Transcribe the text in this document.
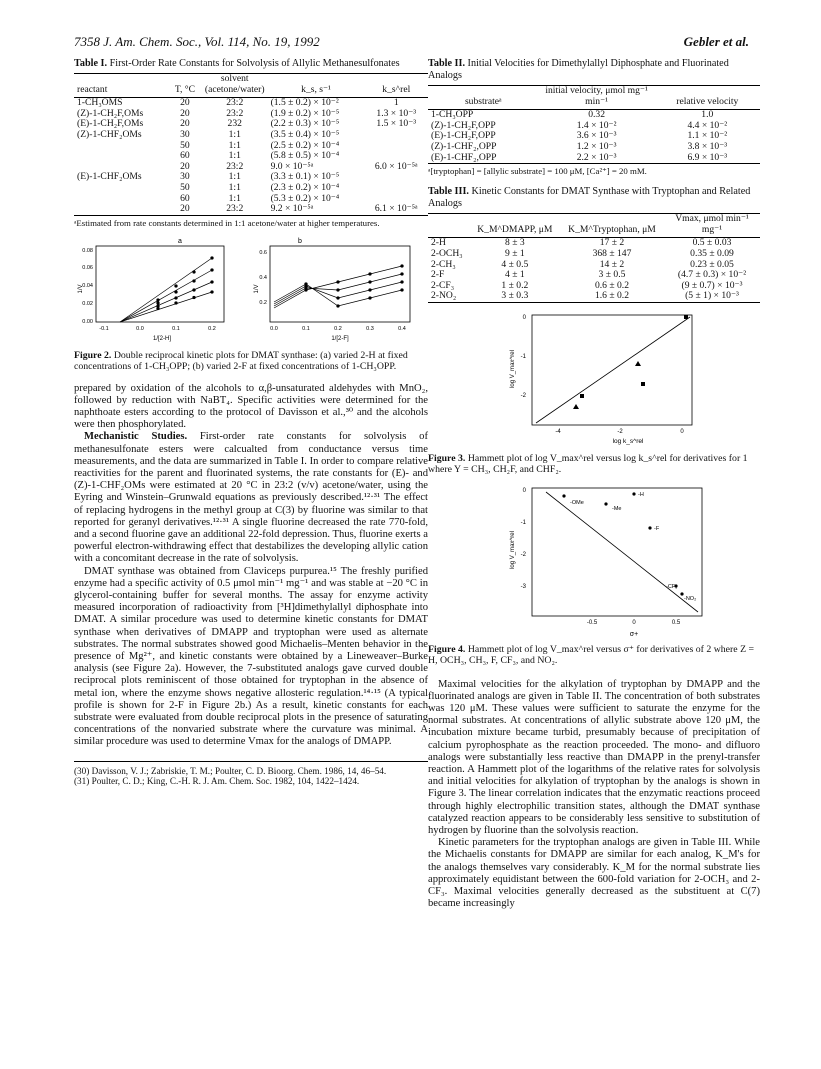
7358 J. Am. Chem. Soc., Vol. 114, No. 19, 1992	Gebler et al.
Table I. First-Order Rate Constants for Solvolysis of Allylic Methanesulfonates
reactant	T, °C	solvent (acetone/water)	k_s, s⁻¹	k_s^rel
1-CH₃OMS	20	23:2	(1.5 ± 0.2) × 10⁻²	1
(Z)-1-CH₂F,OMs	20	23:2	(1.9 ± 0.2) × 10⁻⁵	1.3 × 10⁻³
(E)-1-CH₂F,OMs	20	232	(2.2 ± 0.3) × 10⁻⁵	1.5 × 10⁻³
(Z)-1-CHF₂OMs	30	1:1	(3.5 ± 0.4) × 10⁻⁵	
	50	1:1	(2.5 ± 0.2) × 10⁻⁴	
	60	1:1	(5.8 ± 0.5) × 10⁻⁴	
	20	23:2	9.0 × 10⁻⁵ᵃ	6.0 × 10⁻⁵ᵃ
(E)-1-CHF₂OMs	30	1:1	(3.3 ± 0.1) × 10⁻⁵	
	50	1:1	(2.3 ± 0.2) × 10⁻⁴	
	60	1:1	(5.3 ± 0.2) × 10⁻⁴	
	20	23:2	9.2 × 10⁻⁵ᵃ	6.1 × 10⁻⁵ᵃ
ᵃEstimated from rate constants determined in 1:1 acetone/water at higher temperatures.
a
0.08
0.06
0.04
0.02
0.00
-0.1	0.0	0.1	0.2
1/V
1/[2-H]
b
0.6
0.4
0.2
0.0	0.1	0.2	0.3	0.4
1/V
1/[2-F]
Figure 2. Double reciprocal kinetic plots for DMAT synthase: (a) varied 2-H at fixed concentrations of 1-CH₃OPP; (b) varied 2-F at fixed concentrations of 1-CH₃OPP.

prepared by oxidation of the alcohols to α,β-unsaturated aldehydes with MnO₂, followed by reduction with NaBT₄. Specific activities were determined for the naphthoate esters according to the protocol of Davisson et al.,³⁰ and the alcohols were then phosphorylated.

Mechanistic Studies. First-order rate constants for solvolysis of methanesulfonate esters were calcualted from conductance versus time measurements, and the data are summarized in Table I. In order to compare relative reactivities for the parent and fluorinated systems, the rate constants for (E)- and (Z)-1-CHF₂OMs were estimated at 20 °C in 23:2 (v/v) acetone/water, using the Eyring and Winstein–Grunwald equations as previously described.¹²·³¹ The effect of replacing hydrogens in the methyl group at C(3) by fluorine was similar to that reported for geranyl derivatives.¹²·³¹ A single fluorine decreased the rate 770-fold, and a second fluorine gave an additional 22-fold depression. Thus, fluorine exerts a powerful electron-withdrawing effect that destabilizes the developing allylic cation with a concomitant decrease in the rate of solvolysis.

DMAT synthase was obtained from Claviceps purpurea.¹⁵ The freshly purified enzyme had a specific activity of 0.5 μmol min⁻¹ mg⁻¹ and was stable at −20 °C in glycerol-containing buffer for several months. The assay for enzyme activity measured incorporation of radioactivity from [³H]dimethylallyl diphosphate into DMAT. A similar procedure was used to determine kinetic constants for DMAT synthase when derivatives of DMAPP and tryptophan were used as alternate substrates. The normal substrates showed good Michaelis–Menten behavior in the presence of Mg²⁺, and kinetic constants were obtained by a Lineweaver–Burke analysis (see Figure 2a). However, the 7-substituted analogs gave curved double reciprocal plots reminiscent of those obtained for tryptophan in the absence of metal ion, where the enzyme shows negative allosteric regulation.¹⁴·¹⁵ (A typical profile is shown for 2-F in Figure 2b.) As a result, kinetic constants for each substrate were evaluated from double reciprocal plots in the presence of saturating concentrations of the nonvaried substrate where the curvature was minimal. A similar procedure was used to determine Vmax for the analogs of DMAPP.

(30) Davisson, V. J.; Zabriskie, T. M.; Poulter, C. D. Bioorg. Chem. 1986, 14, 46–54.
(31) Poulter, C. D.; King, C.-H. R. J. Am. Chem. Soc. 1982, 104, 1422–1424.
Table II. Initial Velocities for Dimethylallyl Diphosphate and Fluorinated Analogs
substrateᵃ	initial velocity, μmol mg⁻¹ min⁻¹	relative velocity
1-CH₃OPP	0.32	1.0
(Z)-1-CH₂F,OPP	1.4 × 10⁻²	4.4 × 10⁻²
(E)-1-CH₂F,OPP	3.6 × 10⁻³	1.1 × 10⁻²
(Z)-1-CHF₂,OPP	1.2 × 10⁻³	3.8 × 10⁻³
(E)-1-CHF₂,OPP	2.2 × 10⁻³	6.9 × 10⁻³
ᵃ[tryptophan] = [allylic substrate] = 100 μM, [Ca²⁺] = 20 mM.
Table III. Kinetic Constants for DMAT Synthase with Tryptophan and Related Analogs
	K_M^DMAPP, μM	K_M^Tryptophan, μM	Vmax, μmol min⁻¹ mg⁻¹
2-H	8 ± 3	17 ± 2	0.5 ± 0.03
2-OCH₃	9 ± 1	368 ± 147	0.35 ± 0.09
2-CH₃	4 ± 0.5	14 ± 2	0.23 ± 0.05
2-F	4 ± 1	3 ± 0.5	(4.7 ± 0.3) × 10⁻²
2-CF₃	1 ± 0.2	0.6 ± 0.2	(9 ± 0.7) × 10⁻³
2-NO₂	3 ± 0.3	1.6 ± 0.2	(5 ± 1) × 10⁻³
0
-1
-2
-4	-2	0
log V_max^rel
log k_s^rel
Figure 3. Hammett plot of log V_max^rel versus log k_s^rel for derivatives for 1 where Y = CH₃, CH₂F, and CHF₂.
0
-1
-2
-3
-0.5	0	0.5
log V_max^rel
σ+
-H
-OMe
-Me
-F
-CF₃
-NO₂
Figure 4. Hammett plot of log V_max^rel versus σ⁺ for derivatives of 2 where Z = H, OCH₃, CH₃, F, CF₃, and NO₂.

Maximal velocities for the alkylation of tryptophan by DMAPP and the fluorinated analogs are given in Table II. The concentration of both substrates was 120 μM. These values were sufficient to saturate the enzyme for the normal substrates. At concentrations of allylic substrate above 120 μM, the incubation mixture became turbid, presumably because of precipitation of calcium pyrophosphate as the reaction proceeded. The mono- and difluoro analogs were substantially less reactive than DMAPP in the prenyl-transfer reaction. A Hammett plot of the logarithms of the relative rates for solvolysis and initial velocities for alkylation of tryptophan by the analogs is shown in Figure 3. The linear correlation indicates that the enzymatic reactions proceed through highly electrophilic transition states, although the DMAT synthase catalyzed reaction appears to be considerably less sensitive to substitution of hydrogen by fluorine than the solvolysis reaction.

Kinetic parameters for the tryptophan analogs are given in Table III. While the Michaelis constants for DMAPP are similar for each analog, K_M's for the analogs themselves vary considerably. K_M for the normal substrate lies approximately equidistant between the 600-fold variation for 2-OCH₃ and 2-CF₃. Maximal velocities generally decreased as the substituent at C(7) became increasingly
